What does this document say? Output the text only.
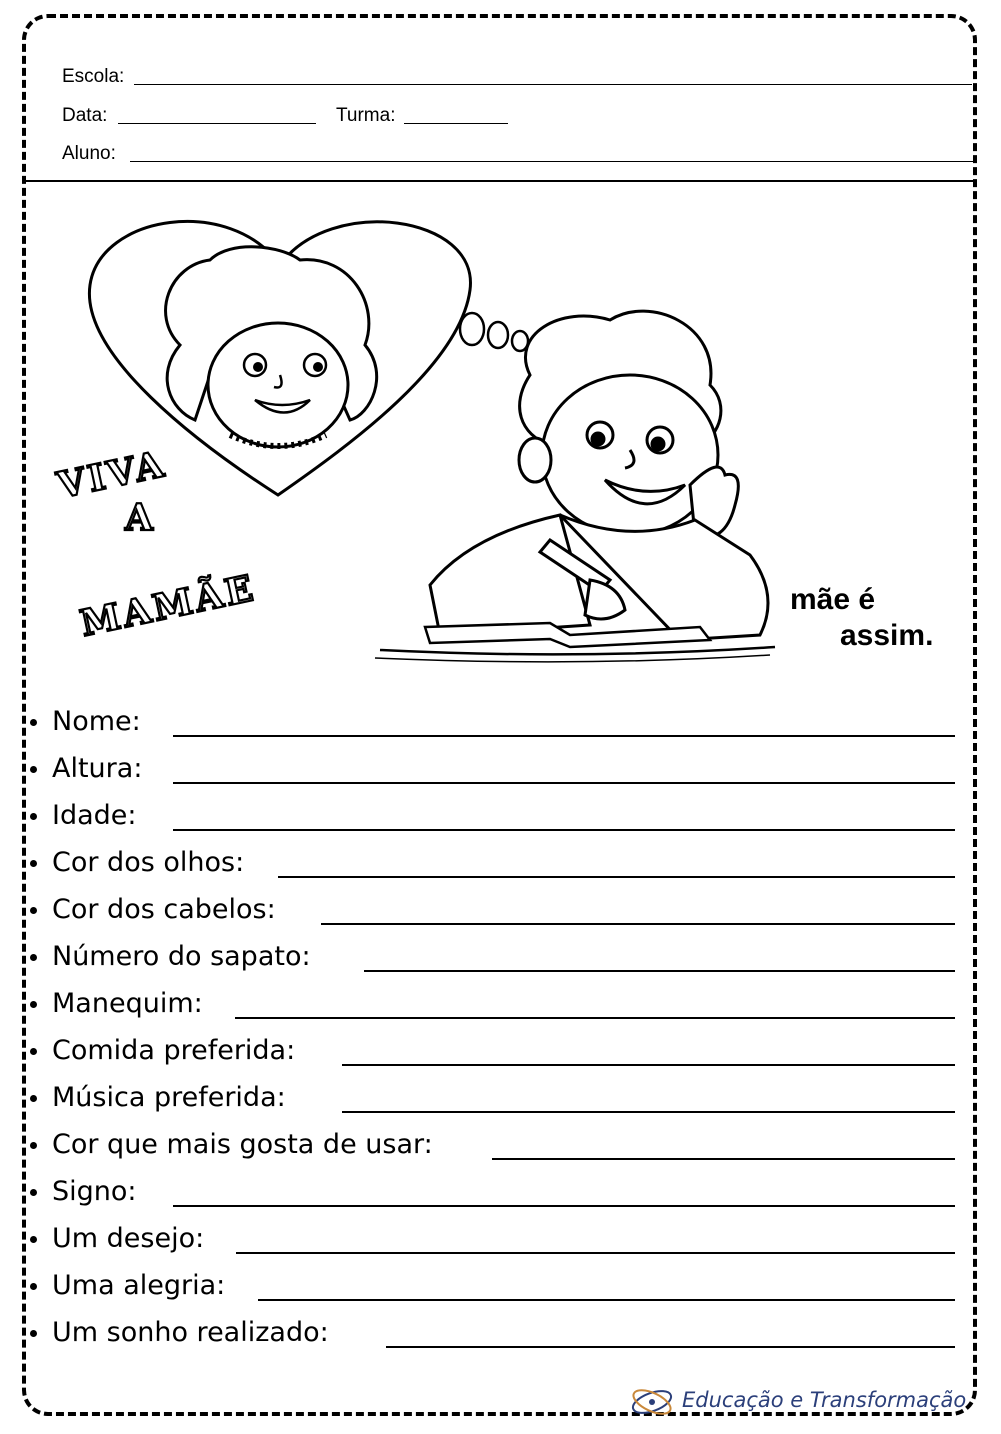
Escola:
Data:	Turma:
Aluno:
VIVA
A
MAMÃE	mãe é
assim.
Nome:
Altura:
Idade:
Cor dos olhos:
Cor dos cabelos:
Número do sapato:
Manequim:
Comida preferida:
Música preferida:
Cor que mais gosta de usar:
Signo:
Um desejo:
Uma alegria:
Um sonho realizado:
Educação e Transformação
